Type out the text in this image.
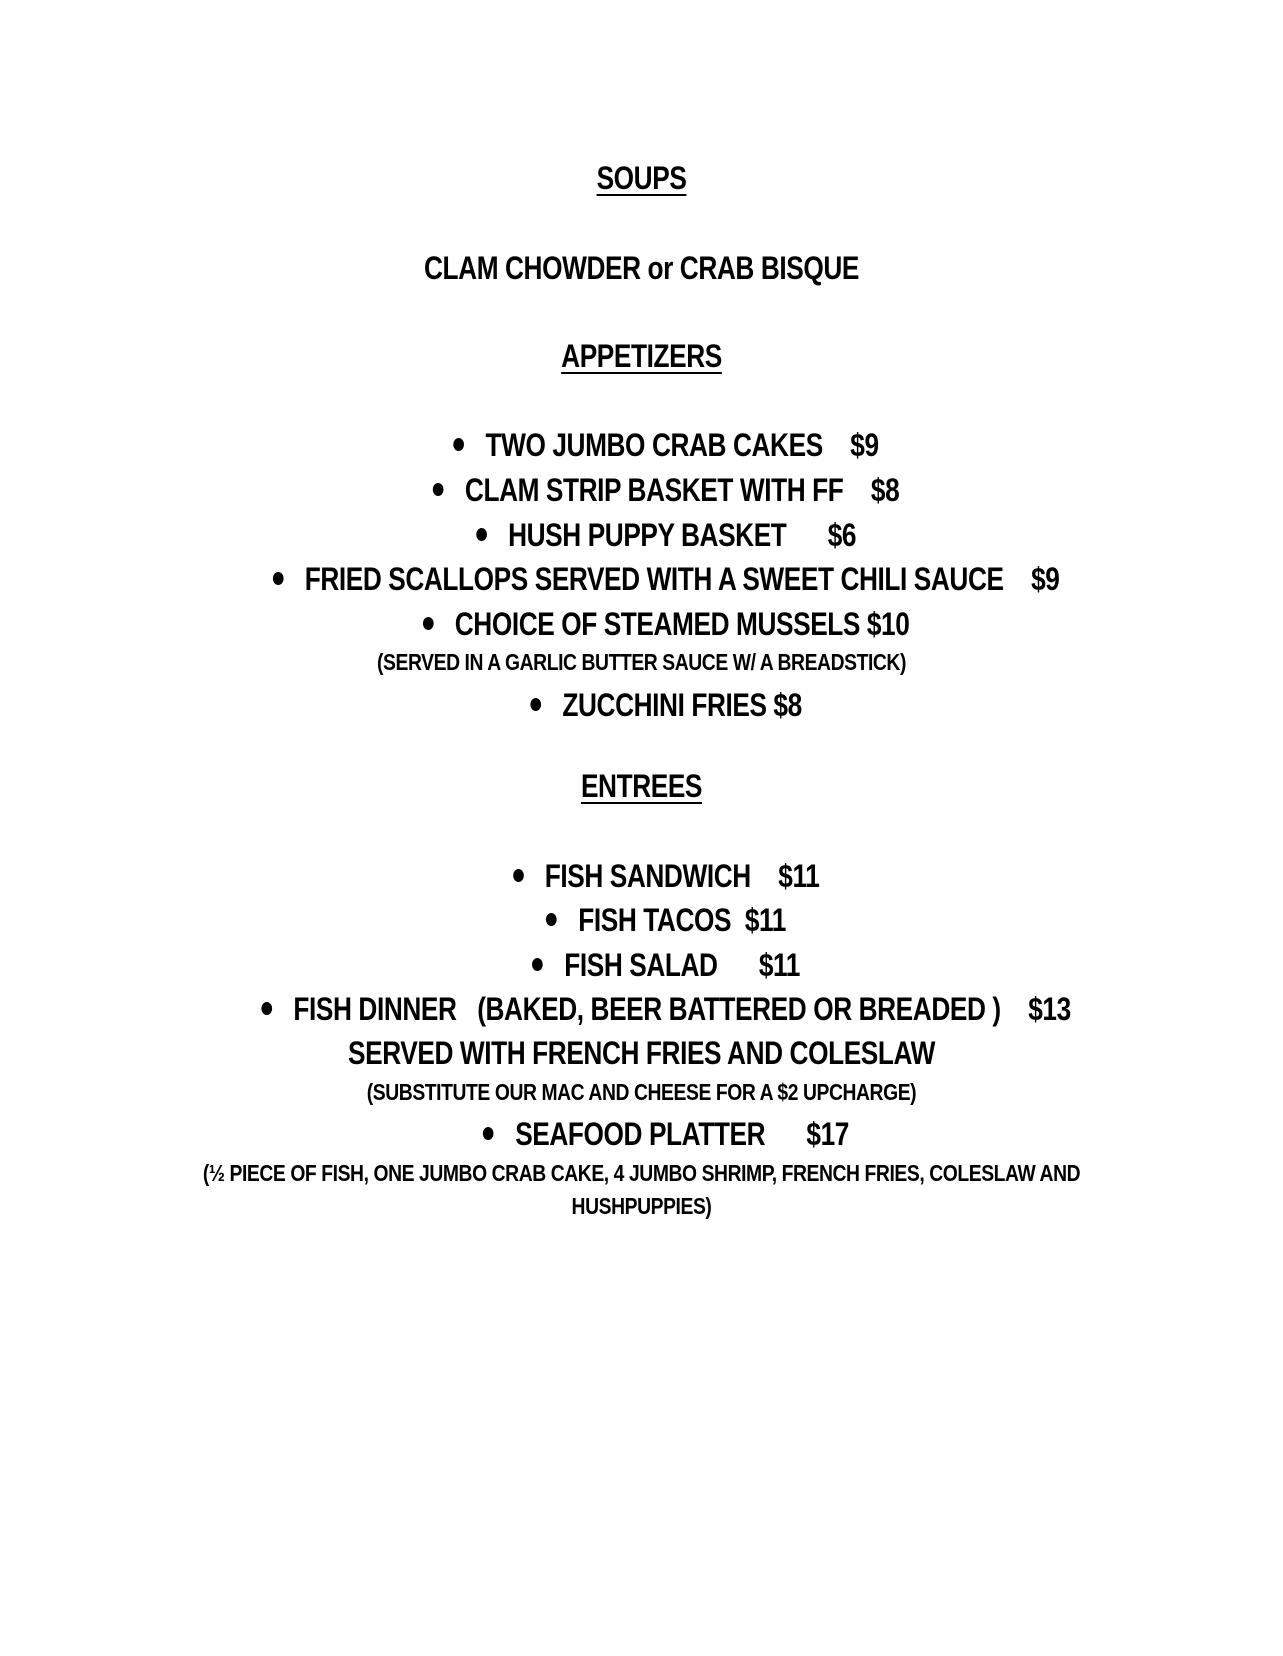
SOUPS
CLAM CHOWDER or CRAB BISQUE
APPETIZERS
TWO JUMBO CRAB CAKES $9
CLAM STRIP BASKET WITH FF $8
HUSH PUPPY BASKET $6
FRIED SCALLOPS SERVED WITH A SWEET CHILI SAUCE $9
CHOICE OF STEAMED MUSSELS $10
(SERVED IN A GARLIC BUTTER SAUCE W/ A BREADSTICK)
ZUCCHINI FRIES $8
ENTREES
FISH SANDWICH $11
FISH TACOS $11
FISH SALAD $11
FISH DINNER   (BAKED, BEER BATTERED OR BREADED ) $13
SERVED WITH FRENCH FRIES AND COLESLAW
(SUBSTITUTE OUR MAC AND CHEESE FOR A $2 UPCHARGE)
SEAFOOD PLATTER $17
(½ PIECE OF FISH, ONE JUMBO CRAB CAKE, 4 JUMBO SHRIMP, FRENCH FRIES, COLESLAW AND
HUSHPUPPIES)
